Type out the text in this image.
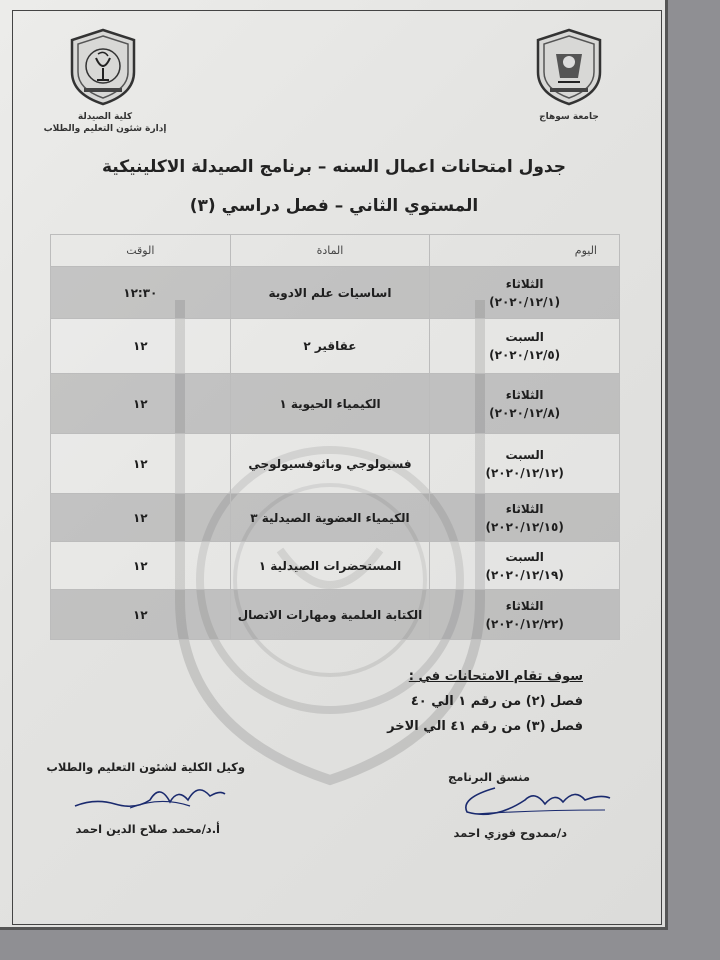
كلية الصيدلة
إدارة شئون التعليم والطلاب
جامعة سوهاج
جدول امتحانات اعمال السنه – برنامج الصيدلة الاكلينيكية
المستوي الثاني – فصل دراسي (٣)
اليوم	المادة	الوقت

الثلاثاء
(٢٠٢٠/١٢/١)	اساسيات علم الادوية	١٢:٣٠

السبت
(٢٠٢٠/١٢/٥)	عقاقير ٢	١٢

الثلاثاء
(٢٠٢٠/١٢/٨)	الكيمياء الحيوية ١	١٢

السبت
(٢٠٢٠/١٢/١٢)	فسيولوجي وباثوفسيولوجي	١٢

الثلاثاء
(٢٠٢٠/١٢/١٥)	الكيمياء العضوية الصيدلية ٣	١٢

السبت
(٢٠٢٠/١٢/١٩)	المستحضرات الصيدلية ١	١٢

الثلاثاء
(٢٠٢٠/١٢/٢٢)	الكتابة العلمية ومهارات الاتصال	١٢
سوف تقام الامتحانات في :
فصل (٢) من رقم ١ الي ٤٠
فصل (٣) من رقم ٤١ الي الاخر
وكيل الكلية لشئون التعليم والطلاب
أ.د/محمد صلاح الدين احمد
منسق البرنامج
د/ممدوح فوزي احمد
